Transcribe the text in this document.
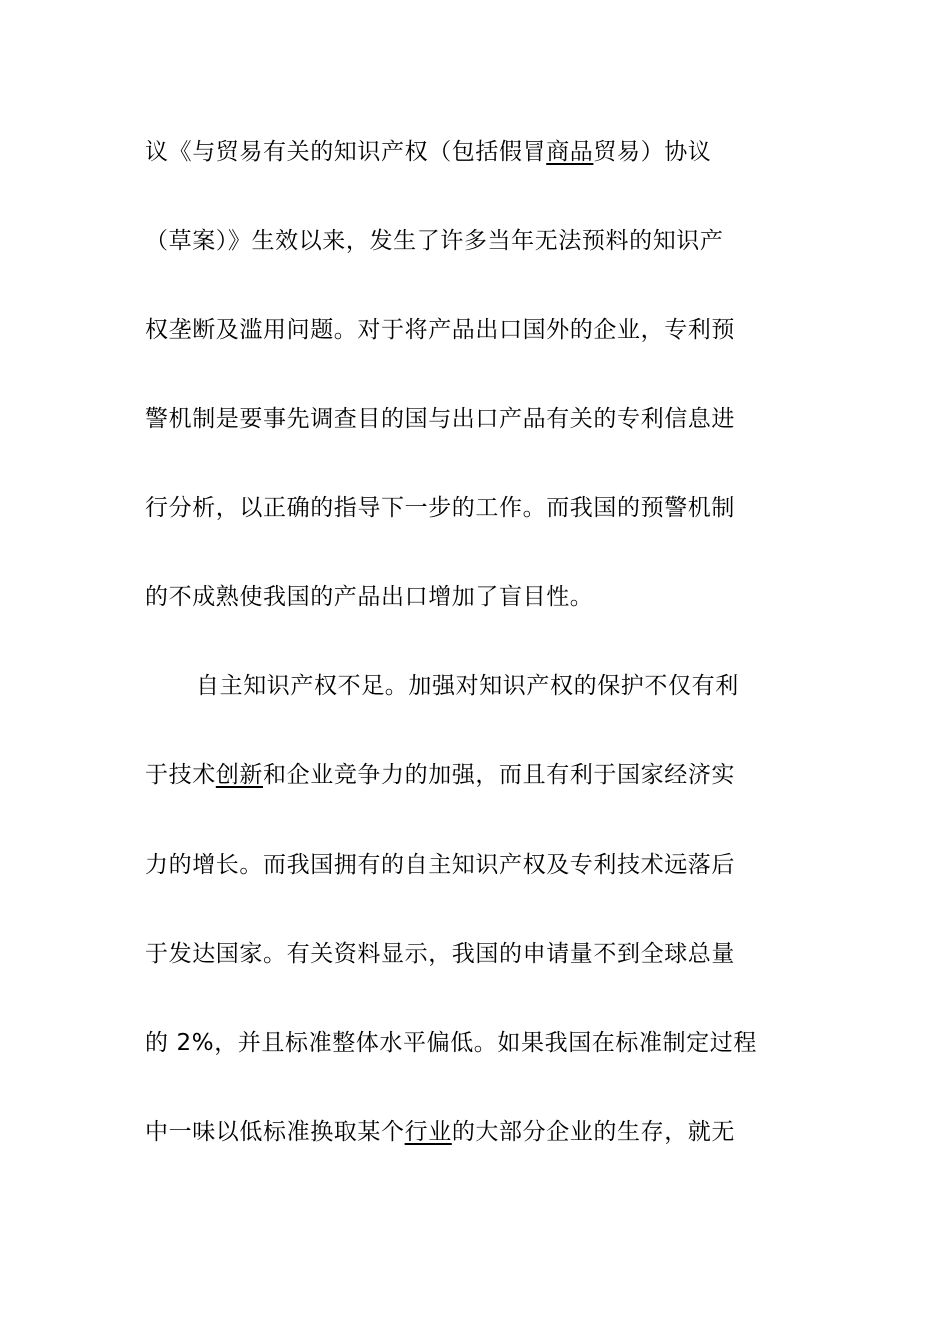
议《与贸易有关的知识产权（包括假冒商品贸易）协议
（草案）》生效以来，发生了许多当年无法预料的知识产
权垄断及滥用问题。对于将产品出口国外的企业，专利预
警机制是要事先调查目的国与出口产品有关的专利信息进
行分析，以正确的指导下一步的工作。而我国的预警机制
的不成熟使我国的产品出口增加了盲目性。
自主知识产权不足。加强对知识产权的保护不仅有利
于技术创新和企业竞争力的加强，而且有利于国家经济实
力的增长。而我国拥有的自主知识产权及专利技术远落后
于发达国家。有关资料显示，我国的申请量不到全球总量
的 2%，并且标准整体水平偏低。如果我国在标准制定过程
中一味以低标准换取某个行业的大部分企业的生存，就无
